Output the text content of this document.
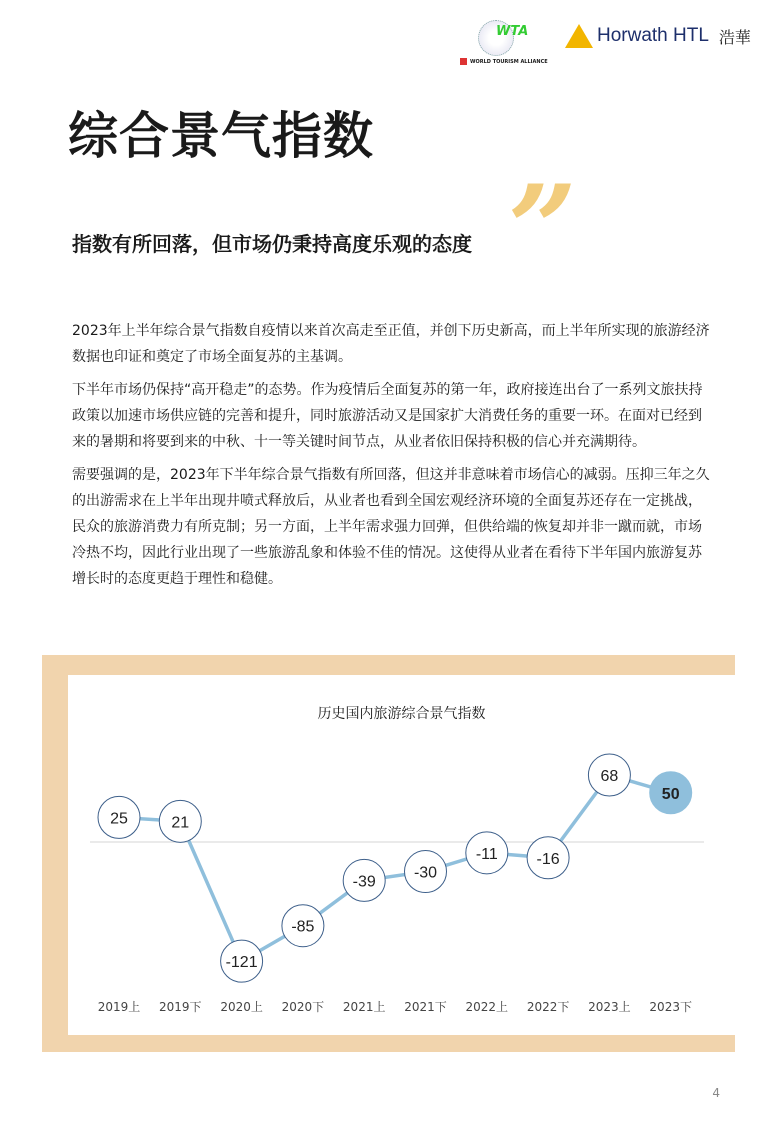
WTA
WORLD TOURISM ALLIANCE
Horwath HTL 浩華
综合景气指数
”
指数有所回落，但市场仍秉持高度乐观的态度

2023年上半年综合景气指数自疫情以来首次高走至正值，并创下历史新高，而上半年所实现的旅游经济数据也印证和奠定了市场全面复苏的主基调。

下半年市场仍保持“高开稳走”的态势。作为疫情后全面复苏的第一年，政府接连出台了一系列文旅扶持政策以加速市场供应链的完善和提升，同时旅游活动又是国家扩大消费任务的重要一环。在面对已经到来的暑期和将要到来的中秋、十一等关键时间节点，从业者依旧保持积极的信心并充满期待。

需要强调的是，2023年下半年综合景气指数有所回落，但这并非意味着市场信心的减弱。压抑三年之久的出游需求在上半年出现井喷式释放后，从业者也看到全国宏观经济环境的全面复苏还存在一定挑战，民众的旅游消费力有所克制；另一方面，上半年需求强力回弹，但供给端的恢复却并非一蹴而就，市场冷热不均，因此行业出现了一些旅游乱象和体验不佳的情况。这使得从业者在看待下半年国内旅游复苏增长时的态度更趋于理性和稳健。

历史国内旅游综合景气指数
25
2019上
21
2019下
-121
2020上
-85
2020下
-39
2021上
-30
2021下
-11
2022上
-16
2022下
68
2023上
50
2023下
4
